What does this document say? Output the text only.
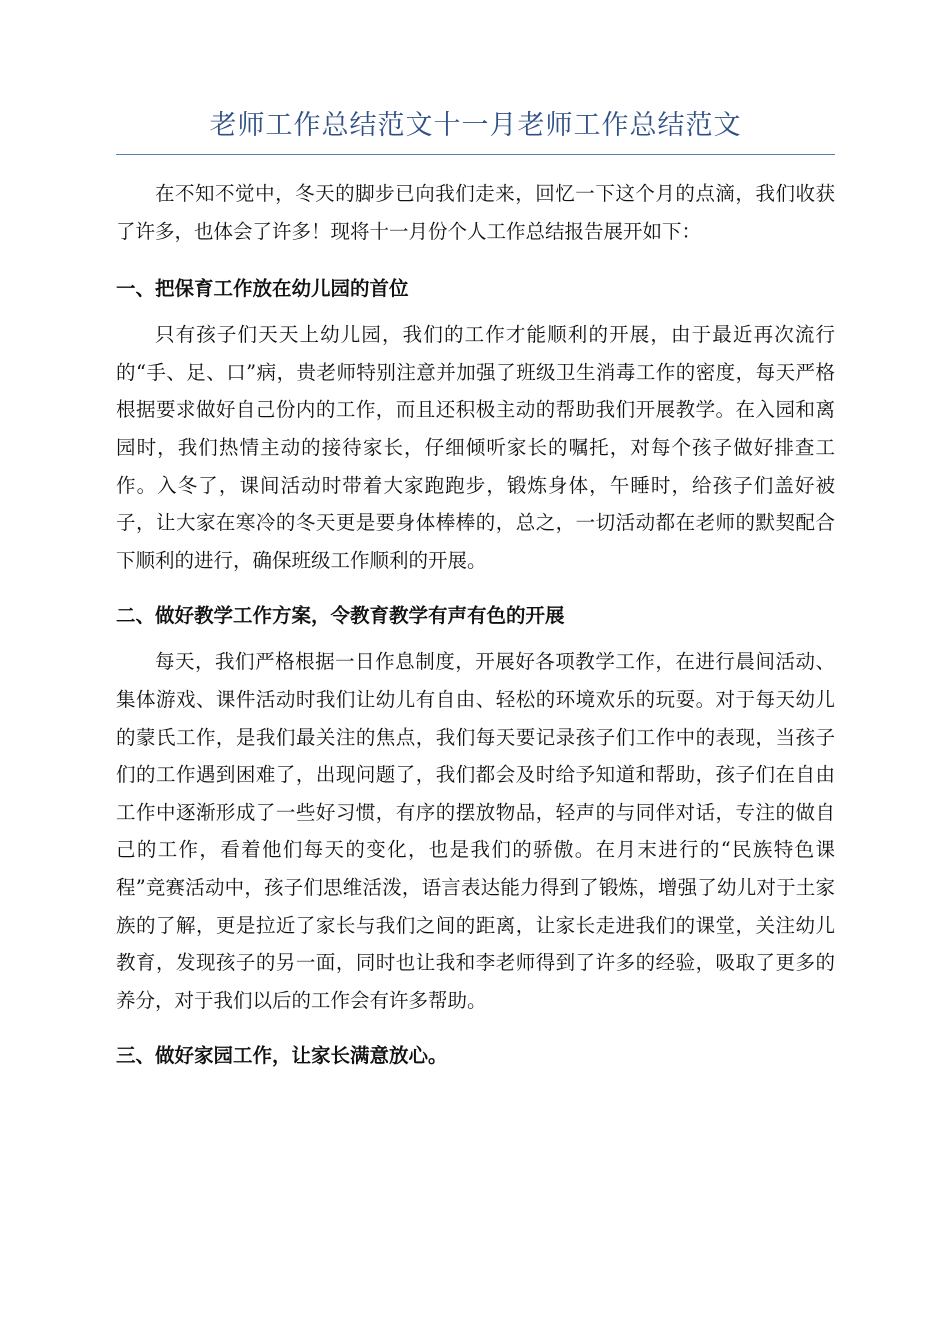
老师工作总结范文十一月老师工作总结范文

在不知不觉中，冬天的脚步已向我们走来，回忆一下这个月的点滴，我们收获了许多，也体会了许多！现将十一月份个人工作总结报告展开如下：

一、把保育工作放在幼儿园的首位

只有孩子们天天上幼儿园，我们的工作才能顺利的开展，由于最近再次流行的“手、足、口”病，贵老师特别注意并加强了班级卫生消毒工作的密度，每天严格根据要求做好自己份内的工作，而且还积极主动的帮助我们开展教学。在入园和离园时，我们热情主动的接待家长，仔细倾听家长的嘱托，对每个孩子做好排查工作。入冬了，课间活动时带着大家跑跑步，锻炼身体，午睡时，给孩子们盖好被子，让大家在寒冷的冬天更是要身体棒棒的，总之，一切活动都在老师的默契配合下顺利的进行，确保班级工作顺利的开展。

二、做好教学工作方案，令教育教学有声有色的开展

每天，我们严格根据一日作息制度，开展好各项教学工作，在进行晨间活动、集体游戏、课件活动时我们让幼儿有自由、轻松的环境欢乐的玩耍。对于每天幼儿的蒙氏工作，是我们最关注的焦点，我们每天要记录孩子们工作中的表现，当孩子们的工作遇到困难了，出现问题了，我们都会及时给予知道和帮助，孩子们在自由工作中逐渐形成了一些好习惯，有序的摆放物品，轻声的与同伴对话，专注的做自己的工作，看着他们每天的变化，也是我们的骄傲。在月末进行的“民族特色课程”竞赛活动中，孩子们思维活泼，语言表达能力得到了锻炼，增强了幼儿对于土家族的了解，更是拉近了家长与我们之间的距离，让家长走进我们的课堂，关注幼儿教育，发现孩子的另一面，同时也让我和李老师得到了许多的经验，吸取了更多的养分，对于我们以后的工作会有许多帮助。

三、做好家园工作，让家长满意放心。
